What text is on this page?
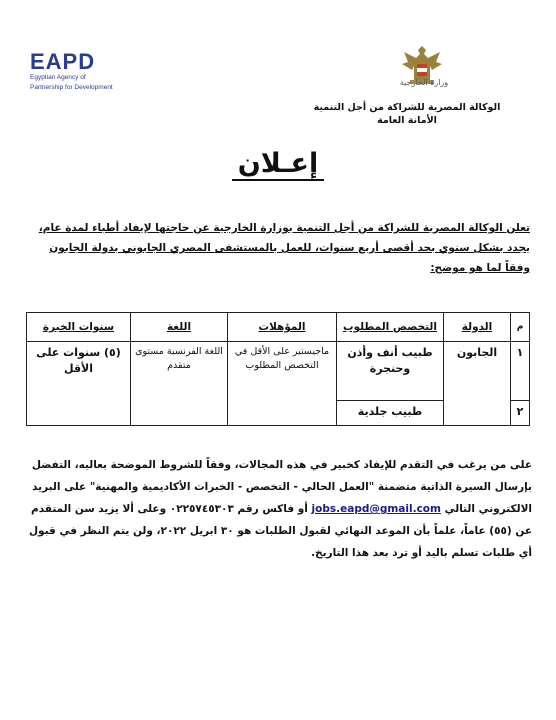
EAPD
Egyptian Agency of
Partnership for Development
وزارة الخارجية
الوكالة المصرية للشراكة من أجل التنمية
الأمانة العامة
إعـلان
تعلن الوكالة المصرية للشراكة من أجل التنمية بوزارة الخارجية عن حاجتها لإيفاد أطباء لمدة عام، يجدد بشكل سنوي بحد أقصى أربع سنوات، للعمل بالمستشفى المصري الجابوني بدولة الجابون وفقاً لما هو موضح:
م	الدولة	التخصص المطلوب	المؤهلات	اللغة	سنوات الخبرة
١	الجابون	طبيب أنف وأذن وحنجرة	ماجيستير على الأقل في التخصص المطلوب	اللغة الفرنسية مستوى متقدم	(٥) سنوات على الأقل
٢		طبيب جلدية			
على من يرغب في التقدم للإيفاد كخبير في هذه المجالات، وفقاً للشروط الموضحة بعاليه، التفضل بإرسال السيرة الذاتية متضمنة "العمل الحالي - التخصص - الخبرات الأكاديمية والمهنية" على البريد الالكتروني التالي jobs.eapd@gmail.com أو فاكس رقم ٠٢٢٥٧٤٥٣٠٣ وعلى ألا يزيد سن المتقدم عن (٥٥) عاماً، علماً بأن الموعد النهائي لقبول الطلبات هو ٣٠ ابريل ٢٠٢٢، ولن يتم النظر في قبول أي طلبات تسلم باليد أو ترد بعد هذا التاريخ.
